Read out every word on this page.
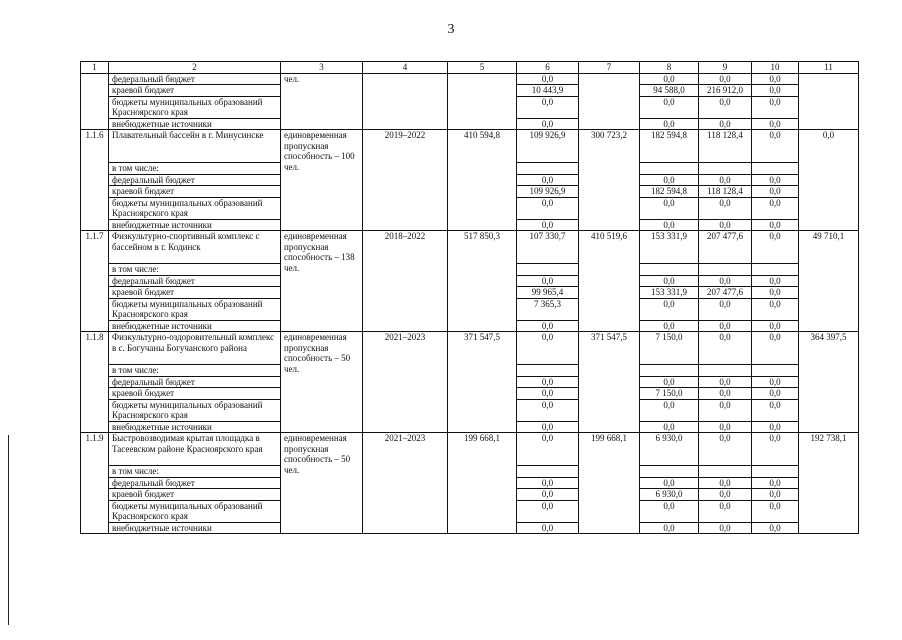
3
1	2	3	4	5	6	7	8	9	10	11
	федеральный бюджет	чел.			0,0		0,0	0,0	0,0	
	краевой бюджет				10 443,9		94 588,0	216 912,0	0,0	
	бюджеты муниципальных образований Красноярского края				0,0		0,0	0,0	0,0	
	внебюджетные источники				0,0		0,0	0,0	0,0	
1.1.6	Плавательный бассейн в г. Минусинске	единовременная пропускная способность – 100 чел.	2019–2022	410 594,8	109 926,9	300 723,2	182 594,8	118 128,4	0,0	0,0
	в том числе:									
	федеральный бюджет				0,0		0,0	0,0	0,0	
	краевой бюджет				109 926,9		182 594,8	118 128,4	0,0	
	бюджеты муниципальных образований Красноярского края				0,0		0,0	0,0	0,0	
	внебюджетные источники				0,0		0,0	0,0	0,0	
1.1.7	Физкультурно-спортивный комплекс с бассейном в г. Кодинск	единовременная пропускная способность – 138 чел.	2018–2022	517 850,3	107 330,7	410 519,6	153 331,9	207 477,6	0,0	49 710,1
	в том числе:									
	федеральный бюджет				0,0		0,0	0,0	0,0	
	краевой бюджет				99 965,4		153 331,9	207 477,6	0,0	
	бюджеты муниципальных образований Красноярского края				7 365,3		0,0	0,0	0,0	
	внебюджетные источники				0,0		0,0	0,0	0,0	
1.1.8	Физкультурно-оздоровительный комплекс в с. Богучаны Богучанского района	единовременная пропускная способность – 50 чел.	2021–2023	371 547,5	0,0	371 547,5	7 150,0	0,0	0,0	364 397,5
	в том числе:									
	федеральный бюджет				0,0		0,0	0,0	0,0	
	краевой бюджет				0,0		7 150,0	0,0	0,0	
	бюджеты муниципальных образований Красноярского края				0,0		0,0	0,0	0,0	
	внебюджетные источники				0,0		0,0	0,0	0,0	
1.1.9	Быстровозводимая крытая площадка в Тасеевском районе Красноярского края	единовременная пропускная способность – 50 чел.	2021–2023	199 668,1	0,0	199 668,1	6 930,0	0,0	0,0	192 738,1
	в том числе:									
	федеральный бюджет				0,0		0,0	0,0	0,0	
	краевой бюджет				0,0		6 930,0	0,0	0,0	
	бюджеты муниципальных образований Красноярского края				0,0		0,0	0,0	0,0	
	внебюджетные источники				0,0		0,0	0,0	0,0	
